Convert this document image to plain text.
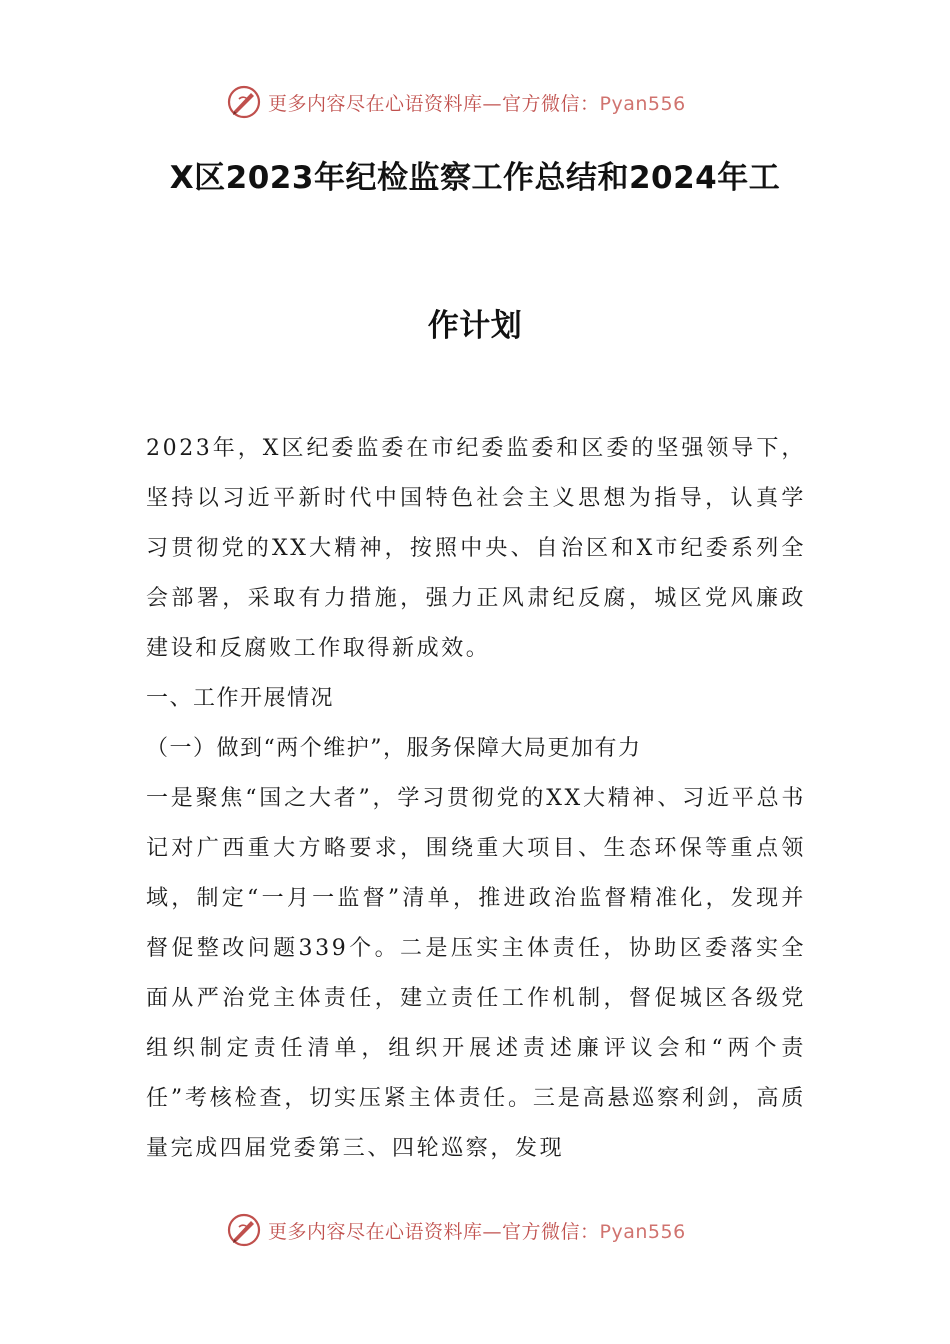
更多内容尽在心语资料库—官方微信：Pyan556
X区2023年纪检监察工作总结和2024年工
作计划

2023年，X区纪委监委在市纪委监委和区委的坚强领导下，坚持以习近平新时代中国特色社会主义思想为指导，认真学习贯彻党的XX大精神，按照中央、自治区和X市纪委系列全会部署，采取有力措施，强力正风肃纪反腐，城区党风廉政建设和反腐败工作取得新成效。

一、工作开展情况

（一）做到“两个维护”，服务保障大局更加有力

一是聚焦“国之大者”，学习贯彻党的XX大精神、习近平总书记对广西重大方略要求，围绕重大项目、生态环保等重点领域，制定“一月一监督”清单，推进政治监督精准化，发现并督促整改问题339个。二是压实主体责任，协助区委落实全面从严治党主体责任，建立责任工作机制，督促城区各级党组织制定责任清单，组织开展述责述廉评议会和“两个责任”考核检查，切实压紧主体责任。三是高悬巡察利剑，高质量完成四届党委第三、四轮巡察，发现

更多内容尽在心语资料库—官方微信：Pyan556
